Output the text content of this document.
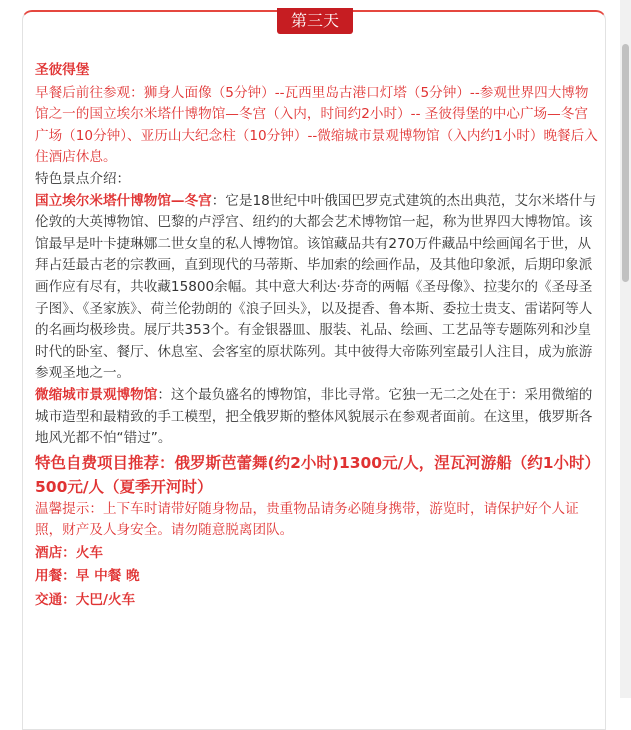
第三天

圣彼得堡

早餐后前往参观：狮身人面像（5分钟）--瓦西里岛古港口灯塔（5分钟）--参观世界四大博物馆之一的国立埃尔米塔什博物馆—冬宫（入内，时间约2小时）-- 圣彼得堡的中心广场—冬宫广场（10分钟）、亚历山大纪念柱（10分钟）--微缩城市景观博物馆（入内约1小时）晚餐后入住酒店休息。

特色景点介绍：

国立埃尔米塔什博物馆—冬宫：它是18世纪中叶俄国巴罗克式建筑的杰出典范，艾尔米塔什与伦敦的大英博物馆、巴黎的卢浮宫、纽约的大都会艺术博物馆一起，称为世界四大博物馆。该馆最早是叶卡捷琳娜二世女皇的私人博物馆。该馆藏品共有270万件藏品中绘画闻名于世，从拜占廷最古老的宗教画，直到现代的马蒂斯、毕加索的绘画作品，及其他印象派，后期印象派画作应有尽有，共收藏15800余幅。其中意大利达·芬奇的两幅《圣母像》、拉斐尔的《圣母圣子图》、《圣家族》、荷兰伦勃朗的《浪子回头》，以及提香、鲁本斯、委拉士贵支、雷诺阿等人的名画均极珍贵。展厅共353个。有金银器皿、服装、礼品、绘画、工艺品等专题陈列和沙皇时代的卧室、餐厅、休息室、会客室的原状陈列。其中彼得大帝陈列室最引人注目，成为旅游参观圣地之一。

微缩城市景观博物馆：这个最负盛名的博物馆，非比寻常。它独一无二之处在于：采用微缩的城市造型和最精致的手工模型，把全俄罗斯的整体风貌展示在参观者面前。在这里，俄罗斯各地风光都不怕“错过”。

特色自费项目推荐：俄罗斯芭蕾舞(约2小时)1300元/人，涅瓦河游船（约1小时）500元/人（夏季开河时）

温馨提示：上下车时请带好随身物品，贵重物品请务必随身携带，游览时，请保护好个人证照，财产及人身安全。请勿随意脱离团队。

酒店：火车

用餐：早 中餐 晚

交通：大巴/火车
